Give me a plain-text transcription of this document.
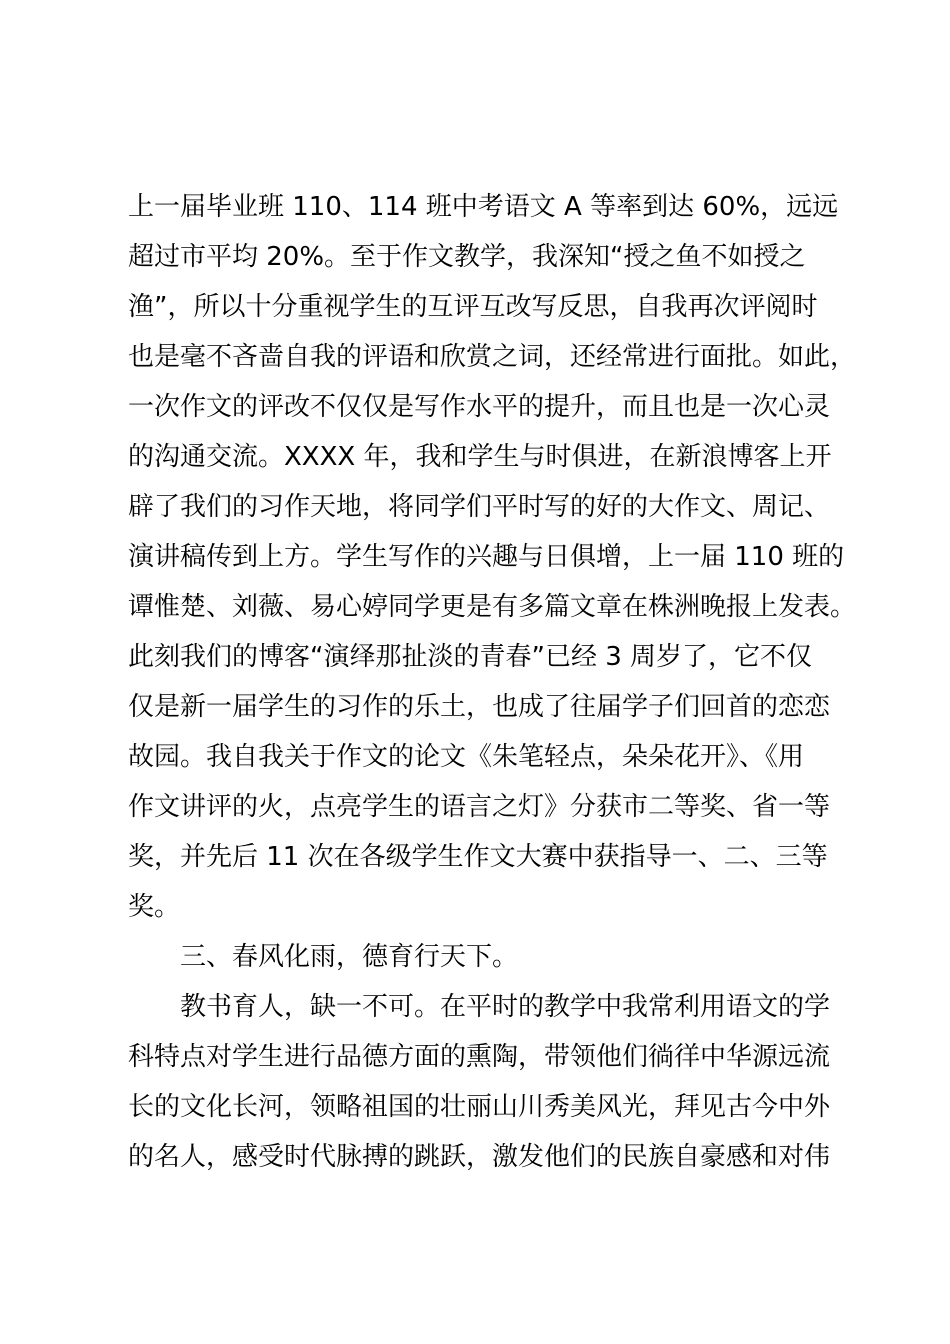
上一届毕业班 110、114 班中考语文 A 等率到达 60%，远远
超过市平均 20%。至于作文教学，我深知“授之鱼不如授之
渔”，所以十分重视学生的互评互改写反思，自我再次评阅时
也是毫不吝啬自我的评语和欣赏之词，还经常进行面批。如此，
一次作文的评改不仅仅是写作水平的提升，而且也是一次心灵
的沟通交流。XXXX 年，我和学生与时俱进，在新浪博客上开
辟了我们的习作天地，将同学们平时写的好的大作文、周记、
演讲稿传到上方。学生写作的兴趣与日俱增，上一届 110 班的
谭惟楚、刘薇、易心婷同学更是有多篇文章在株洲晚报上发表。
此刻我们的博客“演绎那扯淡的青春”已经 3 周岁了，它不仅
仅是新一届学生的习作的乐土，也成了往届学子们回首的恋恋
故园。我自我关于作文的论文《朱笔轻点，朵朵花开》、《用
作文讲评的火，点亮学生的语言之灯》分获市二等奖、省一等
奖，并先后 11 次在各级学生作文大赛中获指导一、二、三等
奖。
三、春风化雨，德育行天下。
教书育人，缺一不可。在平时的教学中我常利用语文的学
科特点对学生进行品德方面的熏陶，带领他们徜徉中华源远流
长的文化长河，领略祖国的壮丽山川秀美风光，拜见古今中外
的名人，感受时代脉搏的跳跃，激发他们的民族自豪感和对伟
